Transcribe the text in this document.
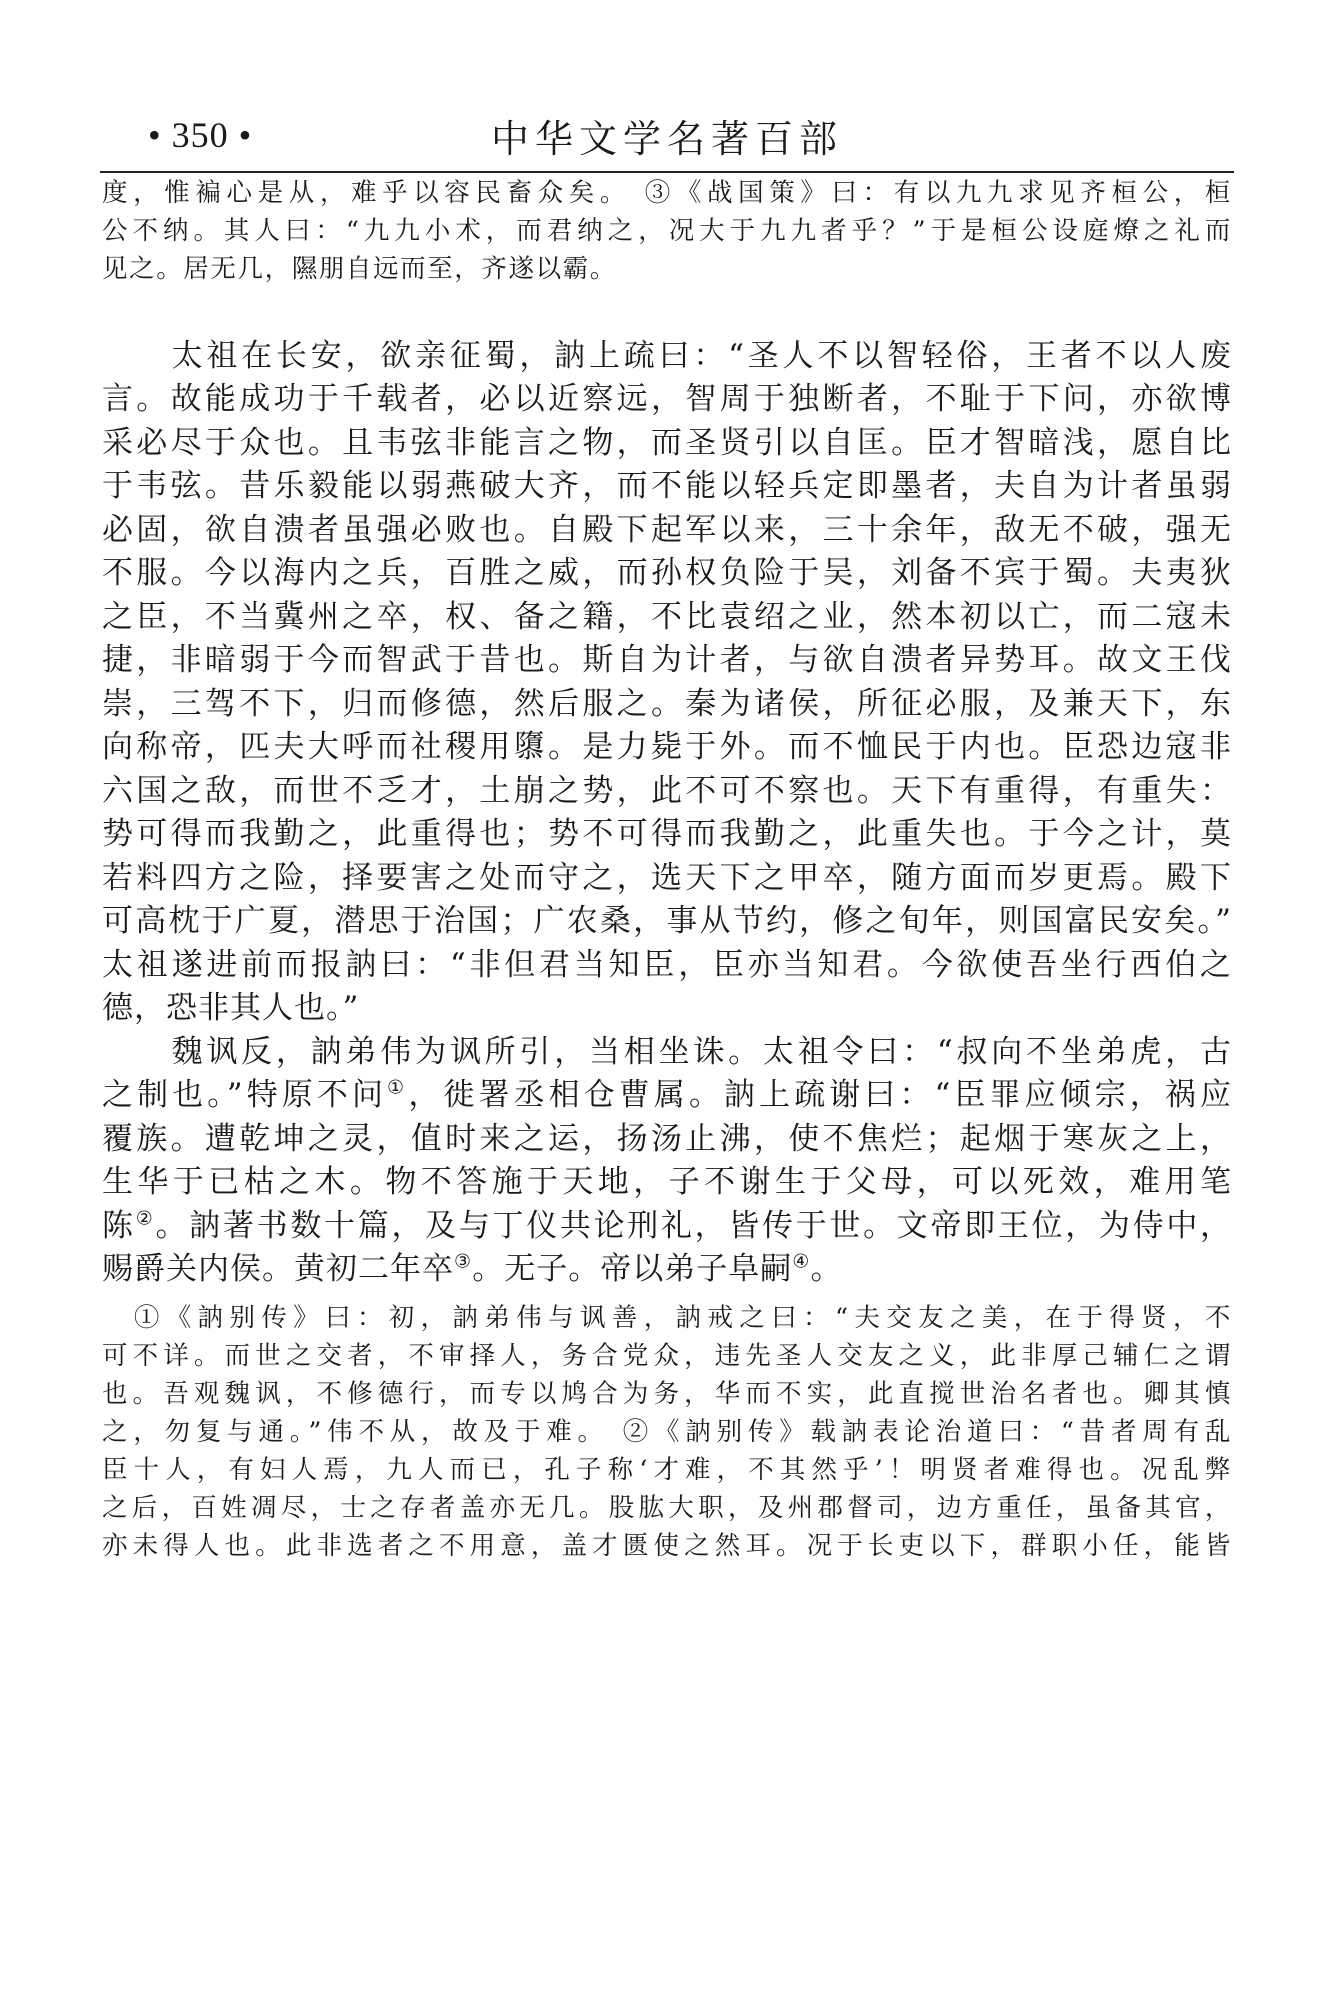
• 350 •	中华文学名著百部

度，惟褊心是从，难乎以容民畜众矣。 ③《战国策》曰：有以九九求见齐桓公，桓

公不纳。其人曰：“九九小术，而君纳之，况大于九九者乎？”于是桓公设庭燎之礼而

见之。居无几，隰朋自远而至，齐遂以霸。

　　太祖在长安，欲亲征蜀，訥上疏曰：“圣人不以智轻俗，王者不以人废

言。故能成功于千载者，必以近察远，智周于独断者，不耻于下问，亦欲博

采必尽于众也。且韦弦非能言之物，而圣贤引以自匡。臣才智暗浅，愿自比

于韦弦。昔乐毅能以弱燕破大齐，而不能以轻兵定即墨者，夫自为计者虽弱

必固，欲自溃者虽强必败也。自殿下起军以来，三十余年，敌无不破，强无

不服。今以海内之兵，百胜之威，而孙权负险于吴，刘备不宾于蜀。夫夷狄

之臣，不当冀州之卒，权、备之籍，不比袁绍之业，然本初以亡，而二寇未

捷，非暗弱于今而智武于昔也。斯自为计者，与欲自溃者异势耳。故文王伐

崇，三驾不下，归而修德，然后服之。秦为诸侯，所征必服，及兼天下，东

向称帝，匹夫大呼而社稷用隳。是力毙于外。而不恤民于内也。臣恐边寇非

六国之敌，而世不乏才，土崩之势，此不可不察也。天下有重得，有重失：

势可得而我勤之，此重得也；势不可得而我勤之，此重失也。于今之计，莫

若料四方之险，择要害之处而守之，选天下之甲卒，随方面而岁更焉。殿下

可高枕于广夏，潜思于治国；广农桑，事从节约，修之旬年，则国富民安矣。”

太祖遂进前而报訥曰：“非但君当知臣，臣亦当知君。今欲使吾坐行西伯之

德，恐非其人也。”

　　魏讽反，訥弟伟为讽所引，当相坐诛。太祖令曰：“叔向不坐弟虎，古

之制也。”特原不问①，徙署丞相仓曹属。訥上疏谢曰：“臣罪应倾宗，祸应

覆族。遭乾坤之灵，值时来之运，扬汤止沸，使不焦烂；起烟于寒灰之上，

生华于已枯之木。物不答施于天地，子不谢生于父母，可以死效，难用笔

陈②。訥著书数十篇，及与丁仪共论刑礼，皆传于世。文帝即王位，为侍中，

赐爵关内侯。黄初二年卒③。无子。帝以弟子阜嗣④。

　①《訥别传》曰：初，訥弟伟与讽善，訥戒之曰：“夫交友之美，在于得贤，不

可不详。而世之交者，不审择人，务合党众，违先圣人交友之义，此非厚己辅仁之谓

也。吾观魏讽，不修德行，而专以鸠合为务，华而不实，此直搅世治名者也。卿其慎

之，勿复与通。”伟不从，故及于难。 ②《訥别传》载訥表论治道曰：“昔者周有乱

臣十人，有妇人焉，九人而已，孔子称‘才难，不其然乎’！明贤者难得也。况乱弊

之后，百姓凋尽，士之存者盖亦无几。股肱大职，及州郡督司，边方重任，虽备其官，

亦未得人也。此非选者之不用意，盖才匮使之然耳。况于长吏以下，群职小任，能皆
